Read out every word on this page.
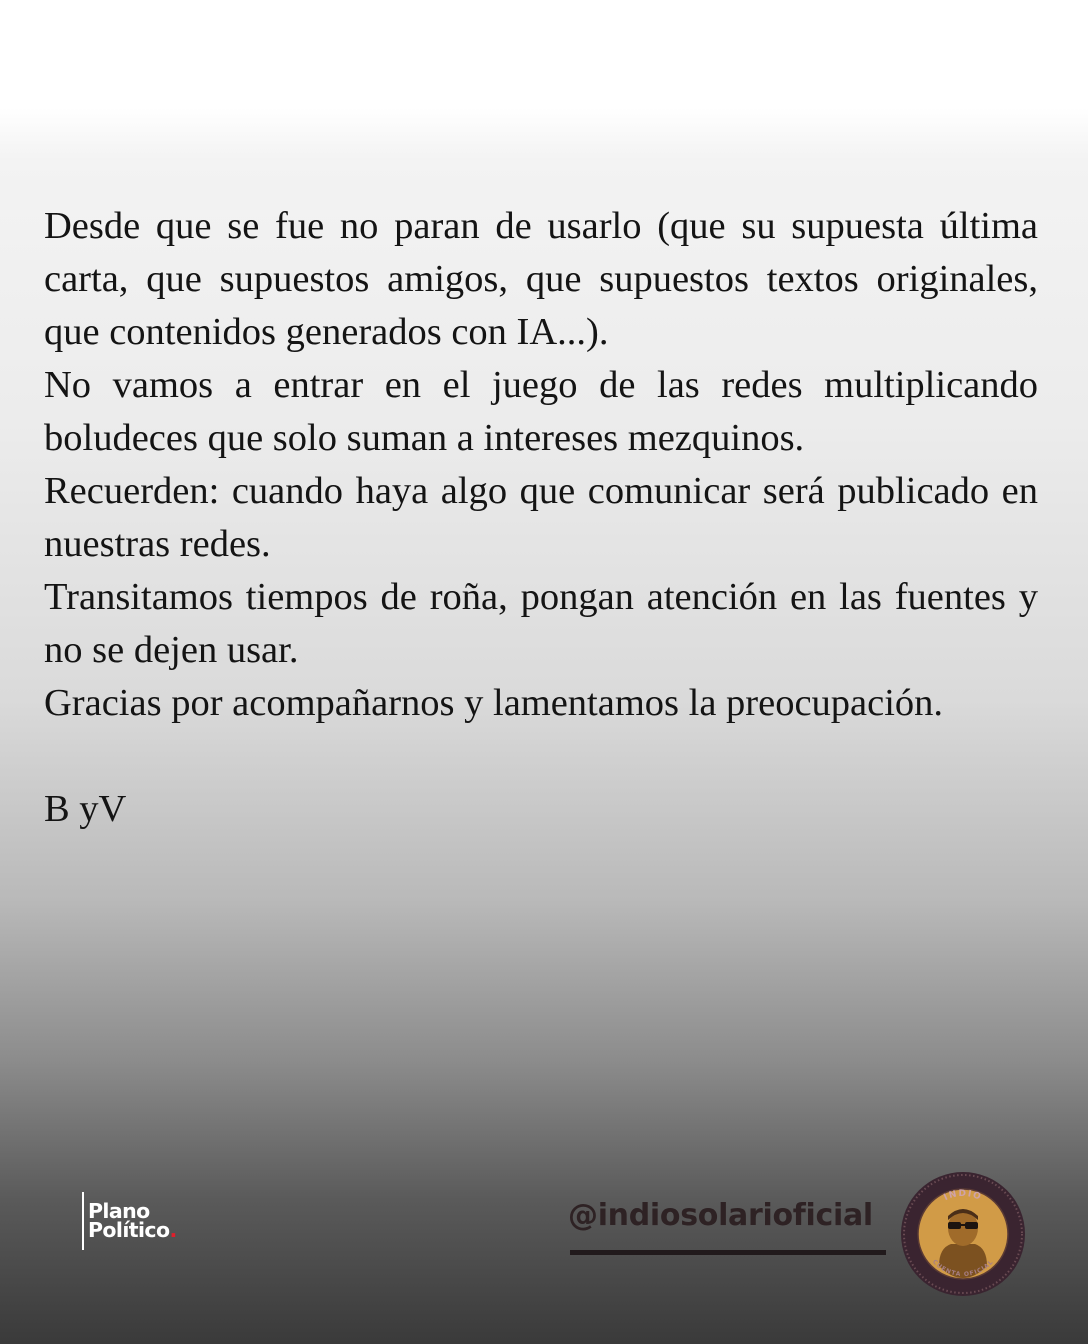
Desde que se fue no paran de usarlo (que su supuesta última carta, que supuestos amigos, que supuestos textos originales, que contenidos generados con IA...).

No vamos a entrar en el juego de las redes multiplicando boludeces que solo suman a intereses mezquinos.

Recuerden: cuando haya algo que comunicar será publicado en nuestras redes.

Transitamos tiempos de roña, pongan atención en las fuentes y no se dejen usar.

Gracias por acompañarnos y lamentamos la preocupación.

B yV

Plano
Político.	@indiosolarioficial

INDIO
CUENTA OFICIAL
